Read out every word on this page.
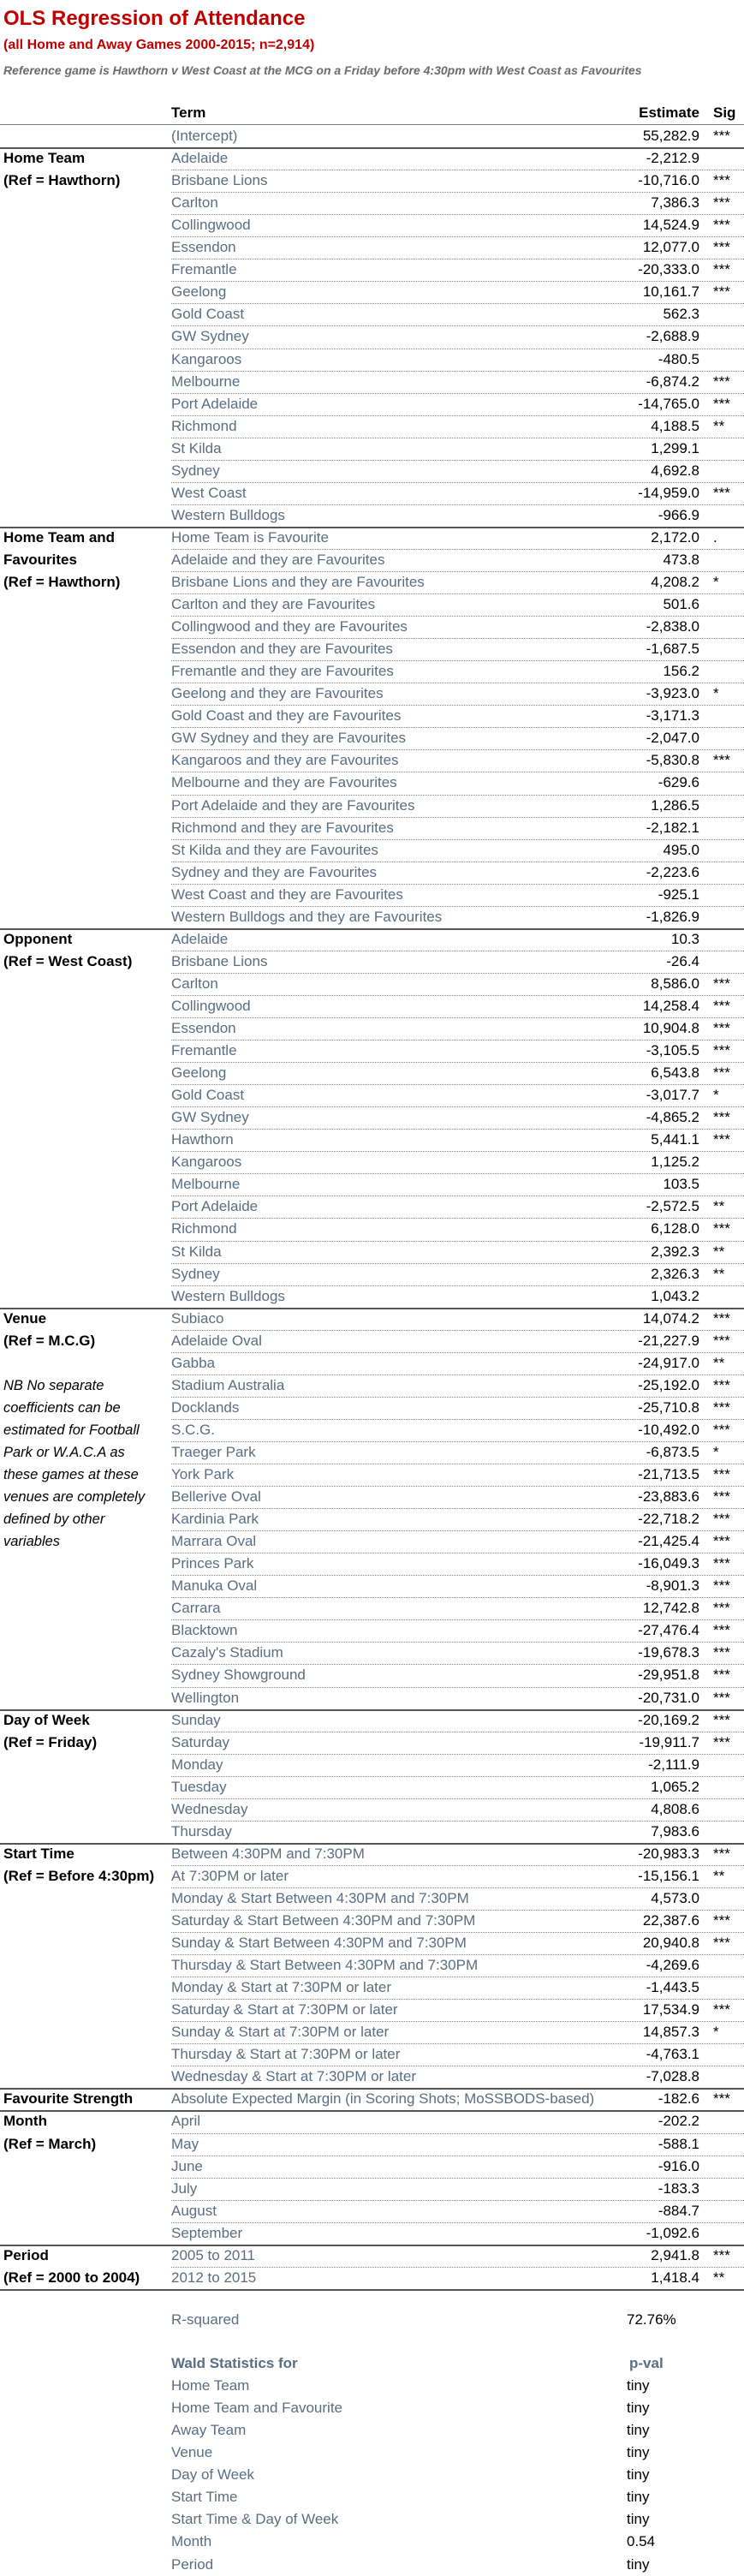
OLS Regression of Attendance

(all Home and Away Games 2000-2015; n=2,914)

Reference game is Hawthorn v West Coast at the MCG on a Friday before 4:30pm with West Coast as Favourites

Term	Estimate Sig
(Intercept)	55,282.9 ***

Home Team

(Ref = Hawthorn)

Adelaide	-2,212.9
Brisbane Lions	-10,716.0 ***
Carlton	7,386.3 ***
Collingwood	14,524.9 ***
Essendon	12,077.0 ***
Fremantle	-20,333.0 ***
Geelong	10,161.7 ***
Gold Coast	562.3
GW Sydney	-2,688.9
Kangaroos	-480.5
Melbourne	-6,874.2 ***
Port Adelaide	-14,765.0 ***
Richmond	4,188.5 **
St Kilda	1,299.1
Sydney	4,692.8
West Coast	-14,959.0 ***
Western Bulldogs	-966.9

Home Team and

Favourites

(Ref = Hawthorn)

Home Team is Favourite	2,172.0 .
Adelaide and they are Favourites	473.8
Brisbane Lions and they are Favourites	4,208.2 *
Carlton and they are Favourites	501.6
Collingwood and they are Favourites	-2,838.0
Essendon and they are Favourites	-1,687.5
Fremantle and they are Favourites	156.2
Geelong and they are Favourites	-3,923.0 *
Gold Coast and they are Favourites	-3,171.3
GW Sydney and they are Favourites	-2,047.0
Kangaroos and they are Favourites	-5,830.8 ***
Melbourne and they are Favourites	-629.6
Port Adelaide and they are Favourites	1,286.5
Richmond and they are Favourites	-2,182.1
St Kilda and they are Favourites	495.0
Sydney and they are Favourites	-2,223.6
West Coast and they are Favourites	-925.1
Western Bulldogs and they are Favourites	-1,826.9

Opponent

(Ref = West Coast)

Adelaide	10.3
Brisbane Lions	-26.4
Carlton	8,586.0 ***
Collingwood	14,258.4 ***
Essendon	10,904.8 ***
Fremantle	-3,105.5 ***
Geelong	6,543.8 ***
Gold Coast	-3,017.7 *
GW Sydney	-4,865.2 ***
Hawthorn	5,441.1 ***
Kangaroos	1,125.2
Melbourne	103.5
Port Adelaide	-2,572.5 **
Richmond	6,128.0 ***
St Kilda	2,392.3 **
Sydney	2,326.3 **
Western Bulldogs	1,043.2

Venue

(Ref = M.C.G)

NB No separate coefficients can be estimated for Football Park or W.A.C.A as these games at these venues are completely defined by other variables

Subiaco	14,074.2 ***
Adelaide Oval	-21,227.9 ***
Gabba	-24,917.0 **
Stadium Australia	-25,192.0 ***
Docklands	-25,710.8 ***
S.C.G.	-10,492.0 ***
Traeger Park	-6,873.5 *
York Park	-21,713.5 ***
Bellerive Oval	-23,883.6 ***
Kardinia Park	-22,718.2 ***
Marrara Oval	-21,425.4 ***
Princes Park	-16,049.3 ***
Manuka Oval	-8,901.3 ***
Carrara	12,742.8 ***
Blacktown	-27,476.4 ***
Cazaly's Stadium	-19,678.3 ***
Sydney Showground	-29,951.8 ***
Wellington	-20,731.0 ***

Day of Week

(Ref = Friday)

Sunday	-20,169.2 ***
Saturday	-19,911.7 ***
Monday	-2,111.9
Tuesday	1,065.2
Wednesday	4,808.6
Thursday	7,983.6

Start Time

(Ref = Before 4:30pm)

Between 4:30PM and 7:30PM	-20,983.3 ***
At 7:30PM or later	-15,156.1 **
Monday & Start Between 4:30PM and 7:30PM	4,573.0
Saturday & Start Between 4:30PM and 7:30PM	22,387.6 ***
Sunday & Start Between 4:30PM and 7:30PM	20,940.8 ***
Thursday & Start Between 4:30PM and 7:30PM	-4,269.6
Monday & Start at 7:30PM or later	-1,443.5
Saturday & Start at 7:30PM or later	17,534.9 ***
Sunday & Start at 7:30PM or later	14,857.3 *
Thursday & Start at 7:30PM or later	-4,763.1
Wednesday & Start at 7:30PM or later	-7,028.8

Favourite Strength	Absolute Expected Margin (in Scoring Shots; MoSSBODS-based)	-182.6 ***

Month

(Ref = March)

April	-202.2
May	-588.1
June	-916.0
July	-183.3
August	-884.7
September	-1,092.6

Period

(Ref = 2000 to 2004)

2005 to 2011	2,941.8 ***
2012 to 2015	1,418.4 **
R-squared	72.76%
Wald Statistics for	p-val
Home Team	tiny
Home Team and Favourite	tiny
Away Team	tiny
Venue	tiny
Day of Week	tiny
Start Time	tiny
Start Time & Day of Week	tiny
Month	0.54
Period	tiny
